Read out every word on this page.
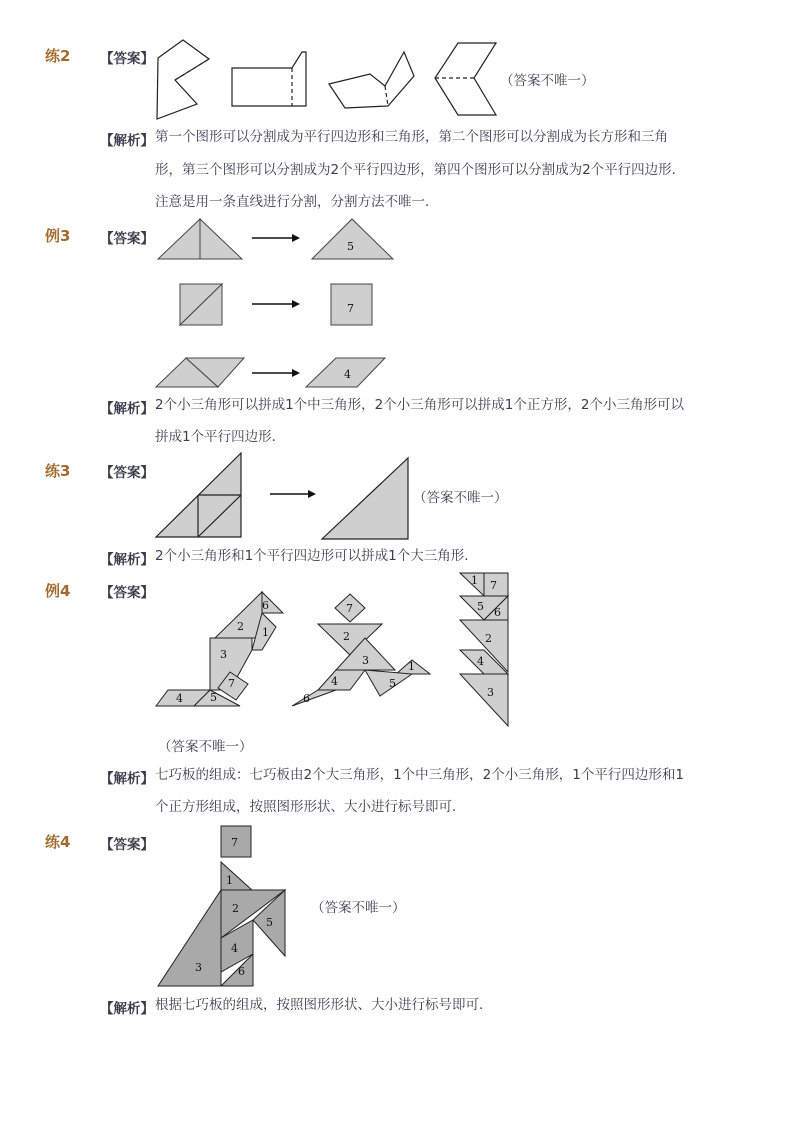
练2 【答案】
（答案不唯一）
【解析】 第一个图形可以分割成为平行四边形和三角形，第二个图形可以分割成为长方形和三角
形，第三个图形可以分割成为2个平行四边形，第四个图形可以分割成为2个平行四边形．
注意是用一条直线进行分割，分割方法不唯一．
例3 【答案】	5
7
4
【解析】 2个小三角形可以拼成1个中三角形，2个小三角形可以拼成1个正方形，2个小三角形可以
拼成1个平行四边形．
练3 【答案】
（答案不唯一）
【解析】 2个小三角形和1个平行四边形可以拼成1个大三角形．
例4 【答案】
6
2 1
3
7
4 5
7
2
3	1
4	5
6
1 7
5 6
2
4
3
（答案不唯一）
【解析】 七巧板的组成：七巧板由2个大三角形，1个中三角形，2个小三角形，1个平行四边形和1
个正方形组成，按照图形形状、大小进行标号即可．
练4 【答案】	7
1
2
5
4
3	6
（答案不唯一）
【解析】 根据七巧板的组成，按照图形形状、大小进行标号即可．
